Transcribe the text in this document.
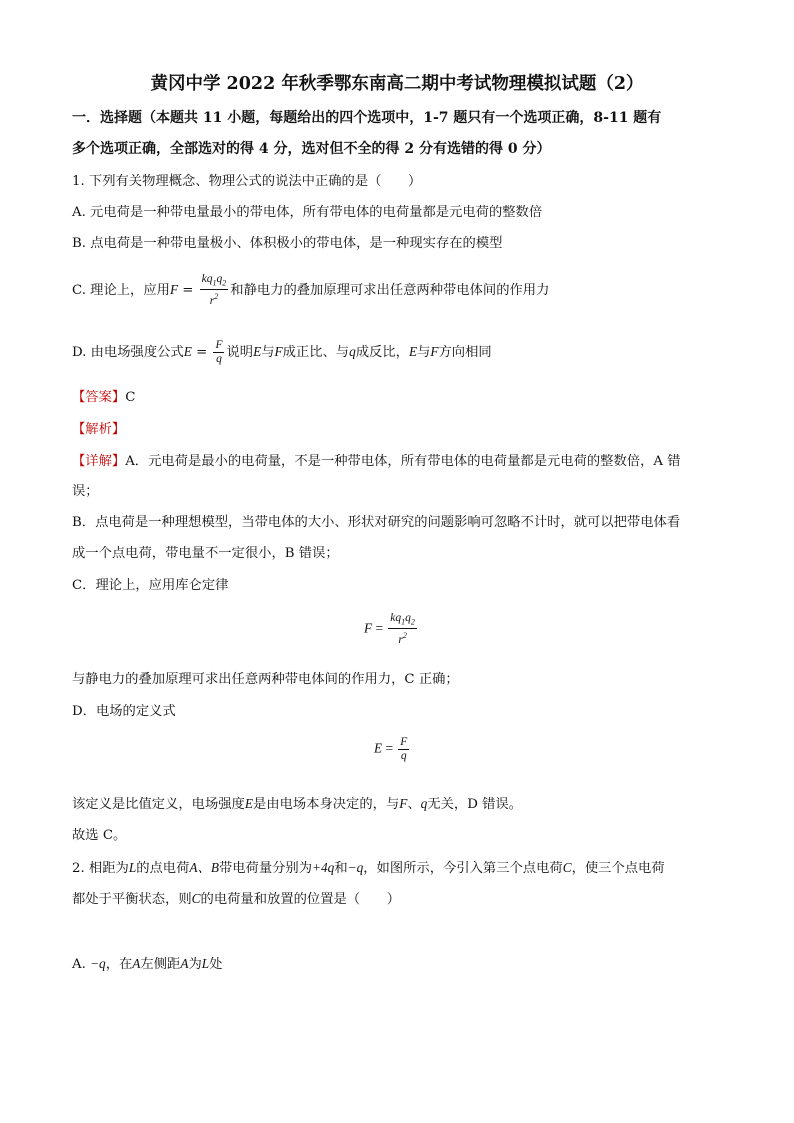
黄冈中学 2022 年秋季鄂东南高二期中考试物理模拟试题（2）
一．选择题（本题共 11 小题，每题给出的四个选项中，1-7 题只有一个选项正确，8-11 题有
多个选项正确，全部选对的得 4 分，选对但不全的得 2 分有选错的得 0 分）
1. 下列有关物理概念、物理公式的说法中正确的是（　　）
A. 元电荷是一种带电量最小的带电体，所有带电体的电荷量都是元电荷的整数倍
B. 点电荷是一种带电量极小、体积极小的带电体，是一种现实存在的模型
C. 理论上，应用$F = \frac{kq_1q_2}{r^2}$ 和静电力的叠加原理可求出任意两种带电体间的作用力
D. 由电场强度公式$E = \frac{F}{q}$ 说明E与F成正比、与q成反比，E与F方向相同
【答案】C
【解析】
【详解】A．元电荷是最小的电荷量，不是一种带电体，所有带电体的电荷量都是元电荷的整数倍，A 错
误；
B．点电荷是一种理想模型，当带电体的大小、形状对研究的问题影响可忽略不计时，就可以把带电体看
成一个点电荷，带电量不一定很小，B 错误；
C．理论上，应用库仑定律
$F = \frac{kq_1q_2}{r^2}$
与静电力的叠加原理可求出任意两种带电体间的作用力，C 正确；
D．电场的定义式
$E = \frac{F}{q}$
该定义是比值定义，电场强度E是由电场本身决定的，与F、q无关，D 错误。
故选 C。
2. 相距为L的点电荷A、B带电荷量分别为+4q和−q，如图所示，今引入第三个点电荷C，使三个点电荷
都处于平衡状态，则C的电荷量和放置的位置是（　　）
A. −q，在A左侧距A为L处
